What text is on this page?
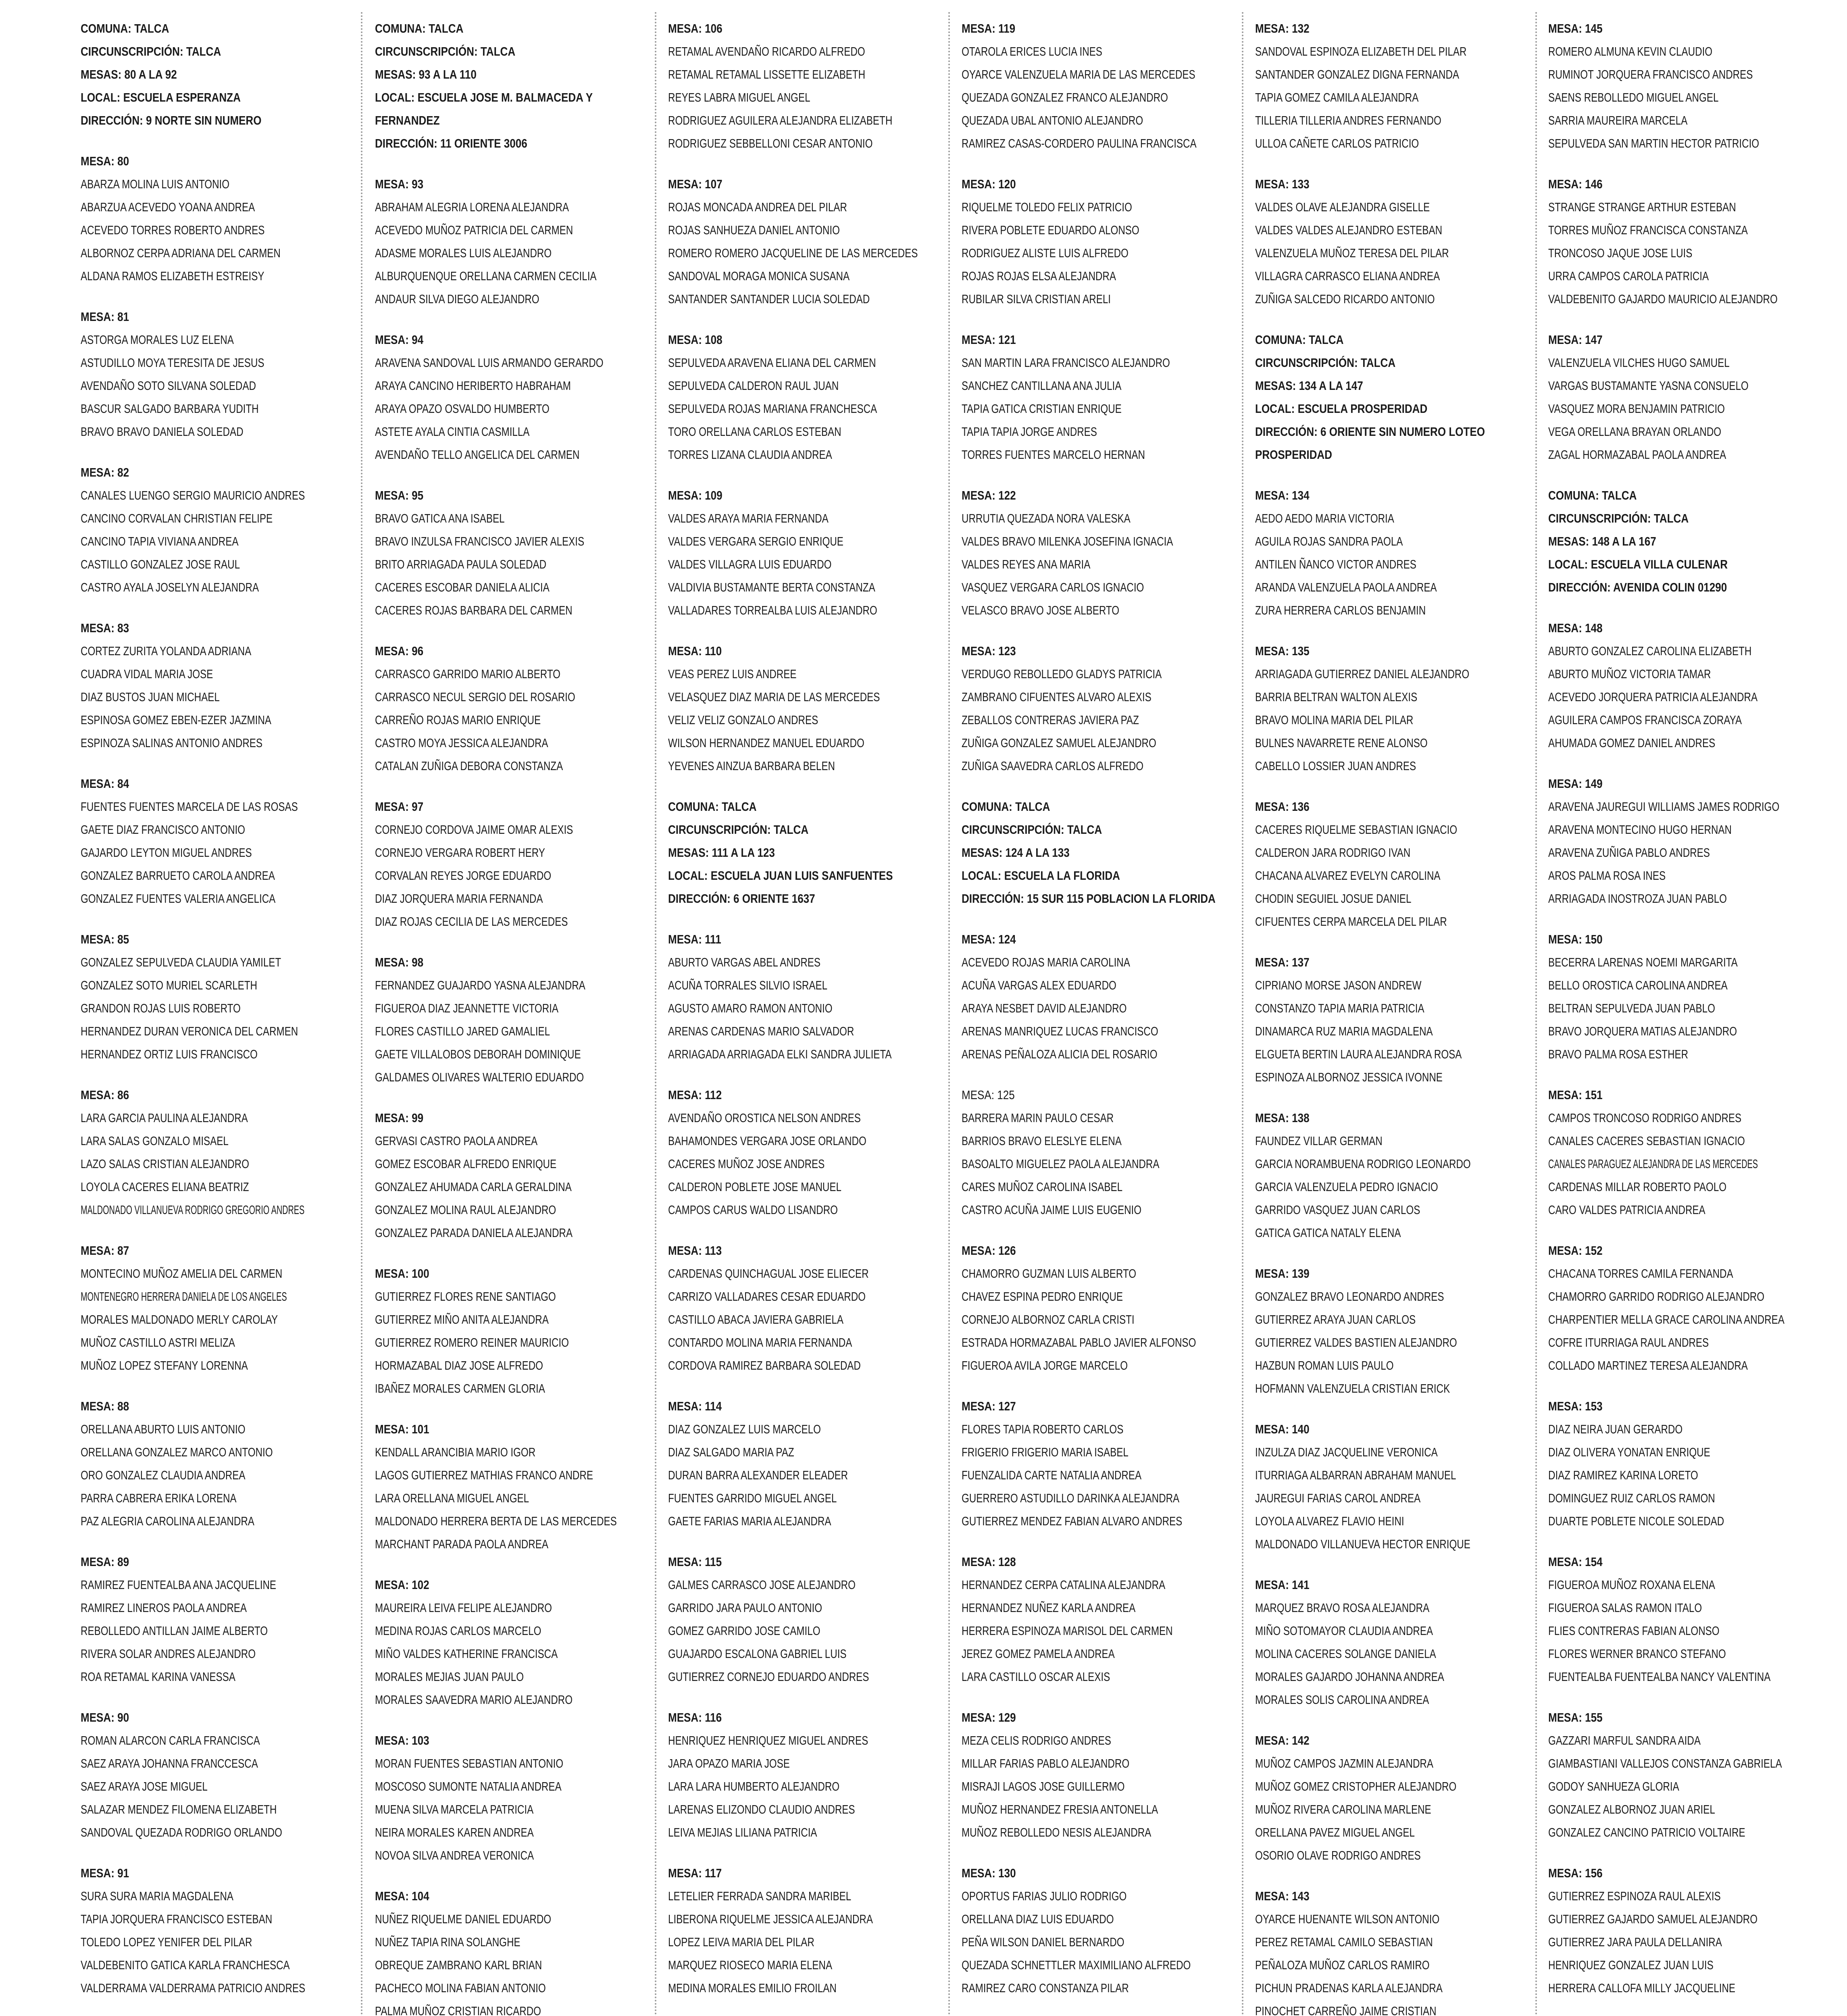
COMUNA: TALCA
CIRCUNSCRIPCIÓN: TALCA
MESAS: 80 A LA 92
LOCAL: ESCUELA ESPERANZA
DIRECCIÓN: 9 NORTE SIN NUMERO
MESA: 80
ABARZA MOLINA LUIS ANTONIO
ABARZUA ACEVEDO YOANA ANDREA
ACEVEDO TORRES ROBERTO ANDRES
ALBORNOZ CERPA ADRIANA DEL CARMEN
ALDANA RAMOS ELIZABETH ESTREISY
MESA: 81
ASTORGA MORALES LUZ ELENA
ASTUDILLO MOYA TERESITA DE JESUS
AVENDAÑO SOTO SILVANA SOLEDAD
BASCUR SALGADO BARBARA YUDITH
BRAVO BRAVO DANIELA SOLEDAD
MESA: 82
CANALES LUENGO SERGIO MAURICIO ANDRES
CANCINO CORVALAN CHRISTIAN FELIPE
CANCINO TAPIA VIVIANA ANDREA
CASTILLO GONZALEZ JOSE RAUL
CASTRO AYALA JOSELYN ALEJANDRA
MESA: 83
CORTEZ ZURITA YOLANDA ADRIANA
CUADRA VIDAL MARIA JOSE
DIAZ BUSTOS JUAN MICHAEL
ESPINOSA GOMEZ EBEN-EZER JAZMINA
ESPINOZA SALINAS ANTONIO ANDRES
MESA: 84
FUENTES FUENTES MARCELA DE LAS ROSAS
GAETE DIAZ FRANCISCO ANTONIO
GAJARDO LEYTON MIGUEL ANDRES
GONZALEZ BARRUETO CAROLA ANDREA
GONZALEZ FUENTES VALERIA ANGELICA
MESA: 85
GONZALEZ SEPULVEDA CLAUDIA YAMILET
GONZALEZ SOTO MURIEL SCARLETH
GRANDON ROJAS LUIS ROBERTO
HERNANDEZ DURAN VERONICA DEL CARMEN
HERNANDEZ ORTIZ LUIS FRANCISCO
MESA: 86
LARA GARCIA PAULINA ALEJANDRA
LARA SALAS GONZALO MISAEL
LAZO SALAS CRISTIAN ALEJANDRO
LOYOLA CACERES ELIANA BEATRIZ
MALDONADO VILLANUEVA RODRIGO GREGORIO ANDRES
MESA: 87
MONTECINO MUÑOZ AMELIA DEL CARMEN
MONTENEGRO HERRERA DANIELA DE LOS ANGELES
MORALES MALDONADO MERLY CAROLAY
MUÑOZ CASTILLO ASTRI MELIZA
MUÑOZ LOPEZ STEFANY LORENNA
MESA: 88
ORELLANA ABURTO LUIS ANTONIO
ORELLANA GONZALEZ MARCO ANTONIO
ORO GONZALEZ CLAUDIA ANDREA
PARRA CABRERA ERIKA LORENA
PAZ ALEGRIA CAROLINA ALEJANDRA
MESA: 89
RAMIREZ FUENTEALBA ANA JACQUELINE
RAMIREZ LINEROS PAOLA ANDREA
REBOLLEDO ANTILLAN JAIME ALBERTO
RIVERA SOLAR ANDRES ALEJANDRO
ROA RETAMAL KARINA VANESSA
MESA: 90
ROMAN ALARCON CARLA FRANCISCA
SAEZ ARAYA JOHANNA FRANCCESCA
SAEZ ARAYA JOSE MIGUEL
SALAZAR MENDEZ FILOMENA ELIZABETH
SANDOVAL QUEZADA RODRIGO ORLANDO
MESA: 91
SURA SURA MARIA MAGDALENA
TAPIA JORQUERA FRANCISCO ESTEBAN
TOLEDO LOPEZ YENIFER DEL PILAR
VALDEBENITO GATICA KARLA FRANCHESCA
VALDERRAMA VALDERRAMA PATRICIO ANDRES
COMUNA: TALCA
CIRCUNSCRIPCIÓN: TALCA
MESAS: 93 A LA 110
LOCAL: ESCUELA JOSE M. BALMACEDA Y FERNANDEZ
DIRECCIÓN: 11 ORIENTE 3006
MESA: 93
ABRAHAM ALEGRIA LORENA ALEJANDRA
ACEVEDO MUÑOZ PATRICIA DEL CARMEN
ADASME MORALES LUIS ALEJANDRO
ALBURQUENQUE ORELLANA CARMEN CECILIA
ANDAUR SILVA DIEGO ALEJANDRO
MESA: 94
ARAVENA SANDOVAL LUIS ARMANDO GERARDO
ARAYA CANCINO HERIBERTO HABRAHAM
ARAYA OPAZO OSVALDO HUMBERTO
ASTETE AYALA CINTIA CASMILLA
AVENDAÑO TELLO ANGELICA DEL CARMEN
MESA: 95
BRAVO GATICA ANA ISABEL
BRAVO INZULSA FRANCISCO JAVIER ALEXIS
BRITO ARRIAGADA PAULA SOLEDAD
CACERES ESCOBAR DANIELA ALICIA
CACERES ROJAS BARBARA DEL CARMEN
MESA: 96
CARRASCO GARRIDO MARIO ALBERTO
CARRASCO NECUL SERGIO DEL ROSARIO
CARREÑO ROJAS MARIO ENRIQUE
CASTRO MOYA JESSICA ALEJANDRA
CATALAN ZUÑIGA DEBORA CONSTANZA
MESA: 97
CORNEJO CORDOVA JAIME OMAR ALEXIS
CORNEJO VERGARA ROBERT HERY
CORVALAN REYES JORGE EDUARDO
DIAZ JORQUERA MARIA FERNANDA
DIAZ ROJAS CECILIA DE LAS MERCEDES
MESA: 98
FERNANDEZ GUAJARDO YASNA ALEJANDRA
FIGUEROA DIAZ JEANNETTE VICTORIA
FLORES CASTILLO JARED GAMALIEL
GAETE VILLALOBOS DEBORAH DOMINIQUE
GALDAMES OLIVARES WALTERIO EDUARDO
MESA: 99
GERVASI CASTRO PAOLA ANDREA
GOMEZ ESCOBAR ALFREDO ENRIQUE
GONZALEZ AHUMADA CARLA GERALDINA
GONZALEZ MOLINA RAUL ALEJANDRO
GONZALEZ PARADA DANIELA ALEJANDRA
MESA: 100
GUTIERREZ FLORES RENE SANTIAGO
GUTIERREZ MIÑO ANITA ALEJANDRA
GUTIERREZ ROMERO REINER MAURICIO
HORMAZABAL DIAZ JOSE ALFREDO
IBAÑEZ MORALES CARMEN GLORIA
MESA: 101
KENDALL ARANCIBIA MARIO IGOR
LAGOS GUTIERREZ MATHIAS FRANCO ANDRE
LARA ORELLANA MIGUEL ANGEL
MALDONADO HERRERA BERTA DE LAS MERCEDES
MARCHANT PARADA PAOLA ANDREA
MESA: 102
MAUREIRA LEIVA FELIPE ALEJANDRO
MEDINA ROJAS CARLOS MARCELO
MIÑO VALDES KATHERINE FRANCISCA
MORALES MEJIAS JUAN PAULO
MORALES SAAVEDRA MARIO ALEJANDRO
MESA: 103
MORAN FUENTES SEBASTIAN ANTONIO
MOSCOSO SUMONTE NATALIA ANDREA
MUENA SILVA MARCELA PATRICIA
NEIRA MORALES KAREN ANDREA
NOVOA SILVA ANDREA VERONICA
MESA: 104
NUÑEZ RIQUELME DANIEL EDUARDO
NUÑEZ TAPIA RINA SOLANGHE
OBREQUE ZAMBRANO KARL BRIAN
PACHECO MOLINA FABIAN ANTONIO
PALMA MUÑOZ CRISTIAN RICARDO
MESA: 106
RETAMAL AVENDAÑO RICARDO ALFREDO
RETAMAL RETAMAL LISSETTE ELIZABETH
REYES LABRA MIGUEL ANGEL
RODRIGUEZ AGUILERA ALEJANDRA ELIZABETH
RODRIGUEZ SEBBELLONI CESAR ANTONIO
MESA: 107
ROJAS MONCADA ANDREA DEL PILAR
ROJAS SANHUEZA DANIEL ANTONIO
ROMERO ROMERO JACQUELINE DE LAS MERCEDES
SANDOVAL MORAGA MONICA SUSANA
SANTANDER SANTANDER LUCIA SOLEDAD
MESA: 108
SEPULVEDA ARAVENA ELIANA DEL CARMEN
SEPULVEDA CALDERON RAUL JUAN
SEPULVEDA ROJAS MARIANA FRANCHESCA
TORO ORELLANA CARLOS ESTEBAN
TORRES LIZANA CLAUDIA ANDREA
MESA: 109
VALDES ARAYA MARIA FERNANDA
VALDES VERGARA SERGIO ENRIQUE
VALDES VILLAGRA LUIS EDUARDO
VALDIVIA BUSTAMANTE BERTA CONSTANZA
VALLADARES TORREALBA LUIS ALEJANDRO
MESA: 110
VEAS PEREZ LUIS ANDREE
VELASQUEZ DIAZ MARIA DE LAS MERCEDES
VELIZ VELIZ GONZALO ANDRES
WILSON HERNANDEZ MANUEL EDUARDO
YEVENES AINZUA BARBARA BELEN
COMUNA: TALCA
CIRCUNSCRIPCIÓN: TALCA
MESAS: 111 A LA 123
LOCAL: ESCUELA JUAN LUIS SANFUENTES
DIRECCIÓN: 6 ORIENTE 1637
MESA: 111
ABURTO VARGAS ABEL ANDRES
ACUÑA TORRALES SILVIO ISRAEL
AGUSTO AMARO RAMON ANTONIO
ARENAS CARDENAS MARIO SALVADOR
ARRIAGADA ARRIAGADA ELKI SANDRA JULIETA
MESA: 112
AVENDAÑO OROSTICA NELSON ANDRES
BAHAMONDES VERGARA JOSE ORLANDO
CACERES MUÑOZ JOSE ANDRES
CALDERON POBLETE JOSE MANUEL
CAMPOS CARUS WALDO LISANDRO
MESA: 113
CARDENAS QUINCHAGUAL JOSE ELIECER
CARRIZO VALLADARES CESAR EDUARDO
CASTILLO ABACA JAVIERA GABRIELA
CONTARDO MOLINA MARIA FERNANDA
CORDOVA RAMIREZ BARBARA SOLEDAD
MESA: 114
DIAZ GONZALEZ LUIS MARCELO
DIAZ SALGADO MARIA PAZ
DURAN BARRA ALEXANDER ELEADER
FUENTES GARRIDO MIGUEL ANGEL
GAETE FARIAS MARIA ALEJANDRA
MESA: 115
GALMES CARRASCO JOSE ALEJANDRO
GARRIDO JARA PAULO ANTONIO
GOMEZ GARRIDO JOSE CAMILO
GUAJARDO ESCALONA GABRIEL LUIS
GUTIERREZ CORNEJO EDUARDO ANDRES
MESA: 116
HENRIQUEZ HENRIQUEZ MIGUEL ANDRES
JARA OPAZO MARIA JOSE
LARA LARA HUMBERTO ALEJANDRO
LARENAS ELIZONDO CLAUDIO ANDRES
LEIVA MEJIAS LILIANA PATRICIA
MESA: 117
LETELIER FERRADA SANDRA MARIBEL
LIBERONA RIQUELME JESSICA ALEJANDRA
LOPEZ LEIVA MARIA DEL PILAR
MARQUEZ RIOSECO MARIA ELENA
MEDINA MORALES EMILIO FROILAN
MESA: 119
OTAROLA ERICES LUCIA INES
OYARCE VALENZUELA MARIA DE LAS MERCEDES
QUEZADA GONZALEZ FRANCO ALEJANDRO
QUEZADA UBAL ANTONIO ALEJANDRO
RAMIREZ CASAS-CORDERO PAULINA FRANCISCA
MESA: 120
RIQUELME TOLEDO FELIX PATRICIO
RIVERA POBLETE EDUARDO ALONSO
RODRIGUEZ ALISTE LUIS ALFREDO
ROJAS ROJAS ELSA ALEJANDRA
RUBILAR SILVA CRISTIAN ARELI
MESA: 121
SAN MARTIN LARA FRANCISCO ALEJANDRO
SANCHEZ CANTILLANA ANA JULIA
TAPIA GATICA CRISTIAN ENRIQUE
TAPIA TAPIA JORGE ANDRES
TORRES FUENTES MARCELO HERNAN
MESA: 122
URRUTIA QUEZADA NORA VALESKA
VALDES BRAVO MILENKA JOSEFINA IGNACIA
VALDES REYES ANA MARIA
VASQUEZ VERGARA CARLOS IGNACIO
VELASCO BRAVO JOSE ALBERTO
MESA: 123
VERDUGO REBOLLEDO GLADYS PATRICIA
ZAMBRANO CIFUENTES ALVARO ALEXIS
ZEBALLOS CONTRERAS JAVIERA PAZ
ZUÑIGA GONZALEZ SAMUEL ALEJANDRO
ZUÑIGA SAAVEDRA CARLOS ALFREDO
COMUNA: TALCA
CIRCUNSCRIPCIÓN: TALCA
MESAS: 124 A LA 133
LOCAL: ESCUELA LA FLORIDA
DIRECCIÓN: 15 SUR 115 POBLACION LA FLORIDA
MESA: 124
ACEVEDO ROJAS MARIA CAROLINA
ACUÑA VARGAS ALEX EDUARDO
ARAYA NESBET DAVID ALEJANDRO
ARENAS MANRIQUEZ LUCAS FRANCISCO
ARENAS PEÑALOZA ALICIA DEL ROSARIO
MESA: 125
BARRERA MARIN PAULO CESAR
BARRIOS BRAVO ELESLYE ELENA
BASOALTO MIGUELEZ PAOLA ALEJANDRA
CARES MUÑOZ CAROLINA ISABEL
CASTRO ACUÑA JAIME LUIS EUGENIO
MESA: 126
CHAMORRO GUZMAN LUIS ALBERTO
CHAVEZ ESPINA PEDRO ENRIQUE
CORNEJO ALBORNOZ CARLA CRISTI
ESTRADA HORMAZABAL PABLO JAVIER ALFONSO
FIGUEROA AVILA JORGE MARCELO
MESA: 127
FLORES TAPIA ROBERTO CARLOS
FRIGERIO FRIGERIO MARIA ISABEL
FUENZALIDA CARTE NATALIA ANDREA
GUERRERO ASTUDILLO DARINKA ALEJANDRA
GUTIERREZ MENDEZ FABIAN ALVARO ANDRES
MESA: 128
HERNANDEZ CERPA CATALINA ALEJANDRA
HERNANDEZ NUÑEZ KARLA ANDREA
HERRERA ESPINOZA MARISOL DEL CARMEN
JEREZ GOMEZ PAMELA ANDREA
LARA CASTILLO OSCAR ALEXIS
MESA: 129
MEZA CELIS RODRIGO ANDRES
MILLAR FARIAS PABLO ALEJANDRO
MISRAJI LAGOS JOSE GUILLERMO
MUÑOZ HERNANDEZ FRESIA ANTONELLA
MUÑOZ REBOLLEDO NESIS ALEJANDRA
MESA: 130
OPORTUS FARIAS JULIO RODRIGO
ORELLANA DIAZ LUIS EDUARDO
PEÑA WILSON DANIEL BERNARDO
QUEZADA SCHNETTLER MAXIMILIANO ALFREDO
RAMIREZ CARO CONSTANZA PILAR
MESA: 132
SANDOVAL ESPINOZA ELIZABETH DEL PILAR
SANTANDER GONZALEZ DIGNA FERNANDA
TAPIA GOMEZ CAMILA ALEJANDRA
TILLERIA TILLERIA ANDRES FERNANDO
ULLOA CAÑETE CARLOS PATRICIO
MESA: 133
VALDES OLAVE ALEJANDRA GISELLE
VALDES VALDES ALEJANDRO ESTEBAN
VALENZUELA MUÑOZ TERESA DEL PILAR
VILLAGRA CARRASCO ELIANA ANDREA
ZUÑIGA SALCEDO RICARDO ANTONIO
COMUNA: TALCA
CIRCUNSCRIPCIÓN: TALCA
MESAS: 134 A LA 147
LOCAL: ESCUELA PROSPERIDAD
DIRECCIÓN: 6 ORIENTE SIN NUMERO LOTEO PROSPERIDAD
MESA: 134
AEDO AEDO MARIA VICTORIA
AGUILA ROJAS SANDRA PAOLA
ANTILEN ÑANCO VICTOR ANDRES
ARANDA VALENZUELA PAOLA ANDREA
ZURA HERRERA CARLOS BENJAMIN
MESA: 135
ARRIAGADA GUTIERREZ DANIEL ALEJANDRO
BARRIA BELTRAN WALTON ALEXIS
BRAVO MOLINA MARIA DEL PILAR
BULNES NAVARRETE RENE ALONSO
CABELLO LOSSIER JUAN ANDRES
MESA: 136
CACERES RIQUELME SEBASTIAN IGNACIO
CALDERON JARA RODRIGO IVAN
CHACANA ALVAREZ EVELYN CAROLINA
CHODIN SEGUIEL JOSUE DANIEL
CIFUENTES CERPA MARCELA DEL PILAR
MESA: 137
CIPRIANO MORSE JASON ANDREW
CONSTANZO TAPIA MARIA PATRICIA
DINAMARCA RUZ MARIA MAGDALENA
ELGUETA BERTIN LAURA ALEJANDRA ROSA
ESPINOZA ALBORNOZ JESSICA IVONNE
MESA: 138
FAUNDEZ VILLAR GERMAN
GARCIA NORAMBUENA RODRIGO LEONARDO
GARCIA VALENZUELA PEDRO IGNACIO
GARRIDO VASQUEZ JUAN CARLOS
GATICA GATICA NATALY ELENA
MESA: 139
GONZALEZ BRAVO LEONARDO ANDRES
GUTIERREZ ARAYA JUAN CARLOS
GUTIERREZ VALDES BASTIEN ALEJANDRO
HAZBUN ROMAN LUIS PAULO
HOFMANN VALENZUELA CRISTIAN ERICK
MESA: 140
INZULZA DIAZ JACQUELINE VERONICA
ITURRIAGA ALBARRAN ABRAHAM MANUEL
JAUREGUI FARIAS CAROL ANDREA
LOYOLA ALVAREZ FLAVIO HEINI
MALDONADO VILLANUEVA HECTOR ENRIQUE
MESA: 141
MARQUEZ BRAVO ROSA ALEJANDRA
MIÑO SOTOMAYOR CLAUDIA ANDREA
MOLINA CACERES SOLANGE DANIELA
MORALES GAJARDO JOHANNA ANDREA
MORALES SOLIS CAROLINA ANDREA
MESA: 142
MUÑOZ CAMPOS JAZMIN ALEJANDRA
MUÑOZ GOMEZ CRISTOPHER ALEJANDRO
MUÑOZ RIVERA CAROLINA MARLENE
ORELLANA PAVEZ MIGUEL ANGEL
OSORIO OLAVE RODRIGO ANDRES
MESA: 143
OYARCE HUENANTE WILSON ANTONIO
PEREZ RETAMAL CAMILO SEBASTIAN
PEÑALOZA MUÑOZ CARLOS RAMIRO
PICHUN PRADENAS KARLA ALEJANDRA
PINOCHET CARREÑO JAIME CRISTIAN
MESA: 145
ROMERO ALMUNA KEVIN CLAUDIO
RUMINOT JORQUERA FRANCISCO ANDRES
SAENS REBOLLEDO MIGUEL ANGEL
SARRIA MAUREIRA MARCELA
SEPULVEDA SAN MARTIN HECTOR PATRICIO
MESA: 146
STRANGE STRANGE ARTHUR ESTEBAN
TORRES MUÑOZ FRANCISCA CONSTANZA
TRONCOSO JAQUE JOSE LUIS
URRA CAMPOS CAROLA PATRICIA
VALDEBENITO GAJARDO MAURICIO ALEJANDRO
MESA: 147
VALENZUELA VILCHES HUGO SAMUEL
VARGAS BUSTAMANTE YASNA CONSUELO
VASQUEZ MORA BENJAMIN PATRICIO
VEGA ORELLANA BRAYAN ORLANDO
ZAGAL HORMAZABAL PAOLA ANDREA
COMUNA: TALCA
CIRCUNSCRIPCIÓN: TALCA
MESAS: 148 A LA 167
LOCAL: ESCUELA VILLA CULENAR
DIRECCIÓN: AVENIDA COLIN 01290
MESA: 148
ABURTO GONZALEZ CAROLINA ELIZABETH
ABURTO MUÑOZ VICTORIA TAMAR
ACEVEDO JORQUERA PATRICIA ALEJANDRA
AGUILERA CAMPOS FRANCISCA ZORAYA
AHUMADA GOMEZ DANIEL ANDRES
MESA: 149
ARAVENA JAUREGUI WILLIAMS JAMES RODRIGO
ARAVENA MONTECINO HUGO HERNAN
ARAVENA ZUÑIGA PABLO ANDRES
AROS PALMA ROSA INES
ARRIAGADA INOSTROZA JUAN PABLO
MESA: 150
BECERRA LARENAS NOEMI MARGARITA
BELLO OROSTICA CAROLINA ANDREA
BELTRAN SEPULVEDA JUAN PABLO
BRAVO JORQUERA MATIAS ALEJANDRO
BRAVO PALMA ROSA ESTHER
MESA: 151
CAMPOS TRONCOSO RODRIGO ANDRES
CANALES CACERES SEBASTIAN IGNACIO
CANALES PARAGUEZ ALEJANDRA DE LAS MERCEDES
CARDENAS MILLAR ROBERTO PAOLO
CARO VALDES PATRICIA ANDREA
MESA: 152
CHACANA TORRES CAMILA FERNANDA
CHAMORRO GARRIDO RODRIGO ALEJANDRO
CHARPENTIER MELLA GRACE CAROLINA ANDREA
COFRE ITURRIAGA RAUL ANDRES
COLLADO MARTINEZ TERESA ALEJANDRA
MESA: 153
DIAZ NEIRA JUAN GERARDO
DIAZ OLIVERA YONATAN ENRIQUE
DIAZ RAMIREZ KARINA LORETO
DOMINGUEZ RUIZ CARLOS RAMON
DUARTE POBLETE NICOLE SOLEDAD
MESA: 154
FIGUEROA MUÑOZ ROXANA ELENA
FIGUEROA SALAS RAMON ITALO
FLIES CONTRERAS FABIAN ALONSO
FLORES WERNER BRANCO STEFANO
FUENTEALBA FUENTEALBA NANCY VALENTINA
MESA: 155
GAZZARI MARFUL SANDRA AIDA
GIAMBASTIANI VALLEJOS CONSTANZA GABRIELA
GODOY SANHUEZA GLORIA
GONZALEZ ALBORNOZ JUAN ARIEL
GONZALEZ CANCINO PATRICIO VOLTAIRE
MESA: 156
GUTIERREZ ESPINOZA RAUL ALEXIS
GUTIERREZ GAJARDO SAMUEL ALEJANDRO
GUTIERREZ JARA PAULA DELLANIRA
HENRIQUEZ GONZALEZ JUAN LUIS
HERRERA CALLOFA MILLY JACQUELINE
